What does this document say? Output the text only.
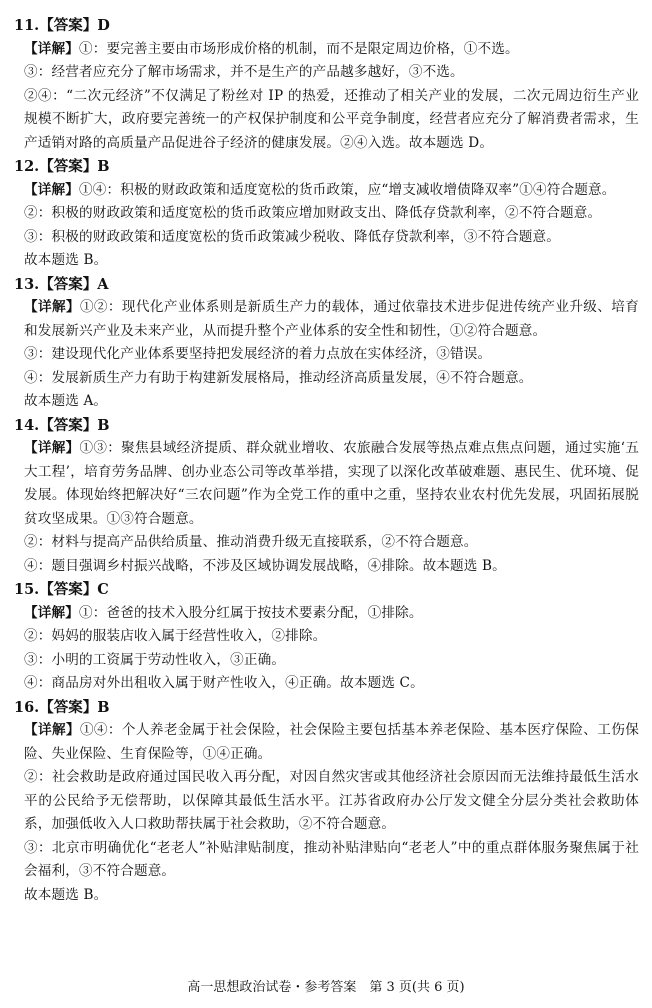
11.【答案】D
【详解】①：要完善主要由市场形成价格的机制，而不是限定周边价格，①不选。
③：经营者应充分了解市场需求，并不是生产的产品越多越好，③不选。
②④：“二次元经济”不仅满足了粉丝对 IP 的热爱，还推动了相关产业的发展，二次元周边衍生产业规模不断扩大，政府要完善统一的产权保护制度和公平竞争制度，经营者应充分了解消费者需求，生产适销对路的高质量产品促进谷子经济的健康发展。②④入选。故本题选 D。
12.【答案】B
【详解】①④：积极的财政政策和适度宽松的货币政策，应“增支减收增债降双率”①④符合题意。
②：积极的财政政策和适度宽松的货币政策应增加财政支出、降低存贷款利率，②不符合题意。
③：积极的财政政策和适度宽松的货币政策减少税收、降低存贷款利率，③不符合题意。
故本题选 B。
13.【答案】A
【详解】①②：现代化产业体系则是新质生产力的载体，通过依靠技术进步促进传统产业升级、培育和发展新兴产业及未来产业，从而提升整个产业体系的安全性和韧性，①②符合题意。
③：建设现代化产业体系要坚持把发展经济的着力点放在实体经济，③错误。
④：发展新质生产力有助于构建新发展格局，推动经济高质量发展，④不符合题意。
故本题选 A。
14.【答案】B
【详解】①③：聚焦县域经济提质、群众就业增收、农旅融合发展等热点难点焦点问题，通过实施‘五大工程’，培育劳务品牌、创办业态公司等改革举措，实现了以深化改革破难题、惠民生、优环境、促发展。体现始终把解决好“三农问题”作为全党工作的重中之重，坚持农业农村优先发展，巩固拓展脱贫攻坚成果。①③符合题意。
②：材料与提高产品供给质量、推动消费升级无直接联系，②不符合题意。
④：题目强调乡村振兴战略，不涉及区域协调发展战略，④排除。故本题选 B。
15.【答案】C
【详解】①：爸爸的技术入股分红属于按技术要素分配，①排除。
②：妈妈的服装店收入属于经营性收入，②排除。
③：小明的工资属于劳动性收入，③正确。
④：商品房对外出租收入属于财产性收入，④正确。故本题选 C。
16.【答案】B
【详解】①④：个人养老金属于社会保险，社会保险主要包括基本养老保险、基本医疗保险、工伤保险、失业保险、生育保险等，①④正确。
②：社会救助是政府通过国民收入再分配，对因自然灾害或其他经济社会原因而无法维持最低生活水平的公民给予无偿帮助，以保障其最低生活水平。江苏省政府办公厅发文健全分层分类社会救助体系，加强低收入人口救助帮扶属于社会救助，②不符合题意。
③：北京市明确优化“老老人”补贴津贴制度，推动补贴津贴向“老老人”中的重点群体服务聚焦属于社会福利，③不符合题意。
故本题选 B。
高一思想政治试卷・参考答案　第 3 页(共 6 页)
